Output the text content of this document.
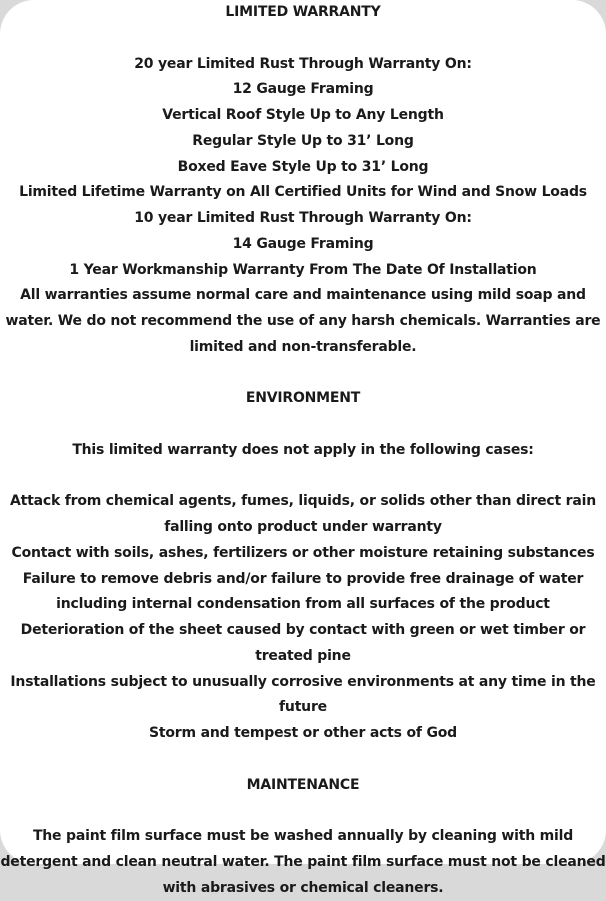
LIMITED WARRANTY

20 year Limited Rust Through Warranty On:

12 Gauge Framing

Vertical Roof Style Up to Any Length

Regular Style Up to 31’ Long

Boxed Eave Style Up to 31’ Long

Limited Lifetime Warranty on All Certified Units for Wind and Snow Loads

10 year Limited Rust Through Warranty On:

14 Gauge Framing

1 Year Workmanship Warranty From The Date Of Installation

All warranties assume normal care and maintenance using mild soap and water. We do not recommend the use of any harsh chemicals. Warranties are limited and non-transferable.

ENVIRONMENT

This limited warranty does not apply in the following cases:

Attack from chemical agents, fumes, liquids, or solids other than direct rain falling onto product under warranty

Contact with soils, ashes, fertilizers or other moisture retaining substances

Failure to remove debris and/or failure to provide free drainage of water including internal condensation from all surfaces of the product

Deterioration of the sheet caused by contact with green or wet timber or treated pine

Installations subject to unusually corrosive environments at any time in the future

Storm and tempest or other acts of God

MAINTENANCE

The paint film surface must be washed annually by cleaning with mild detergent and clean neutral water. The paint film surface must not be cleaned with abrasives or chemical cleaners.
